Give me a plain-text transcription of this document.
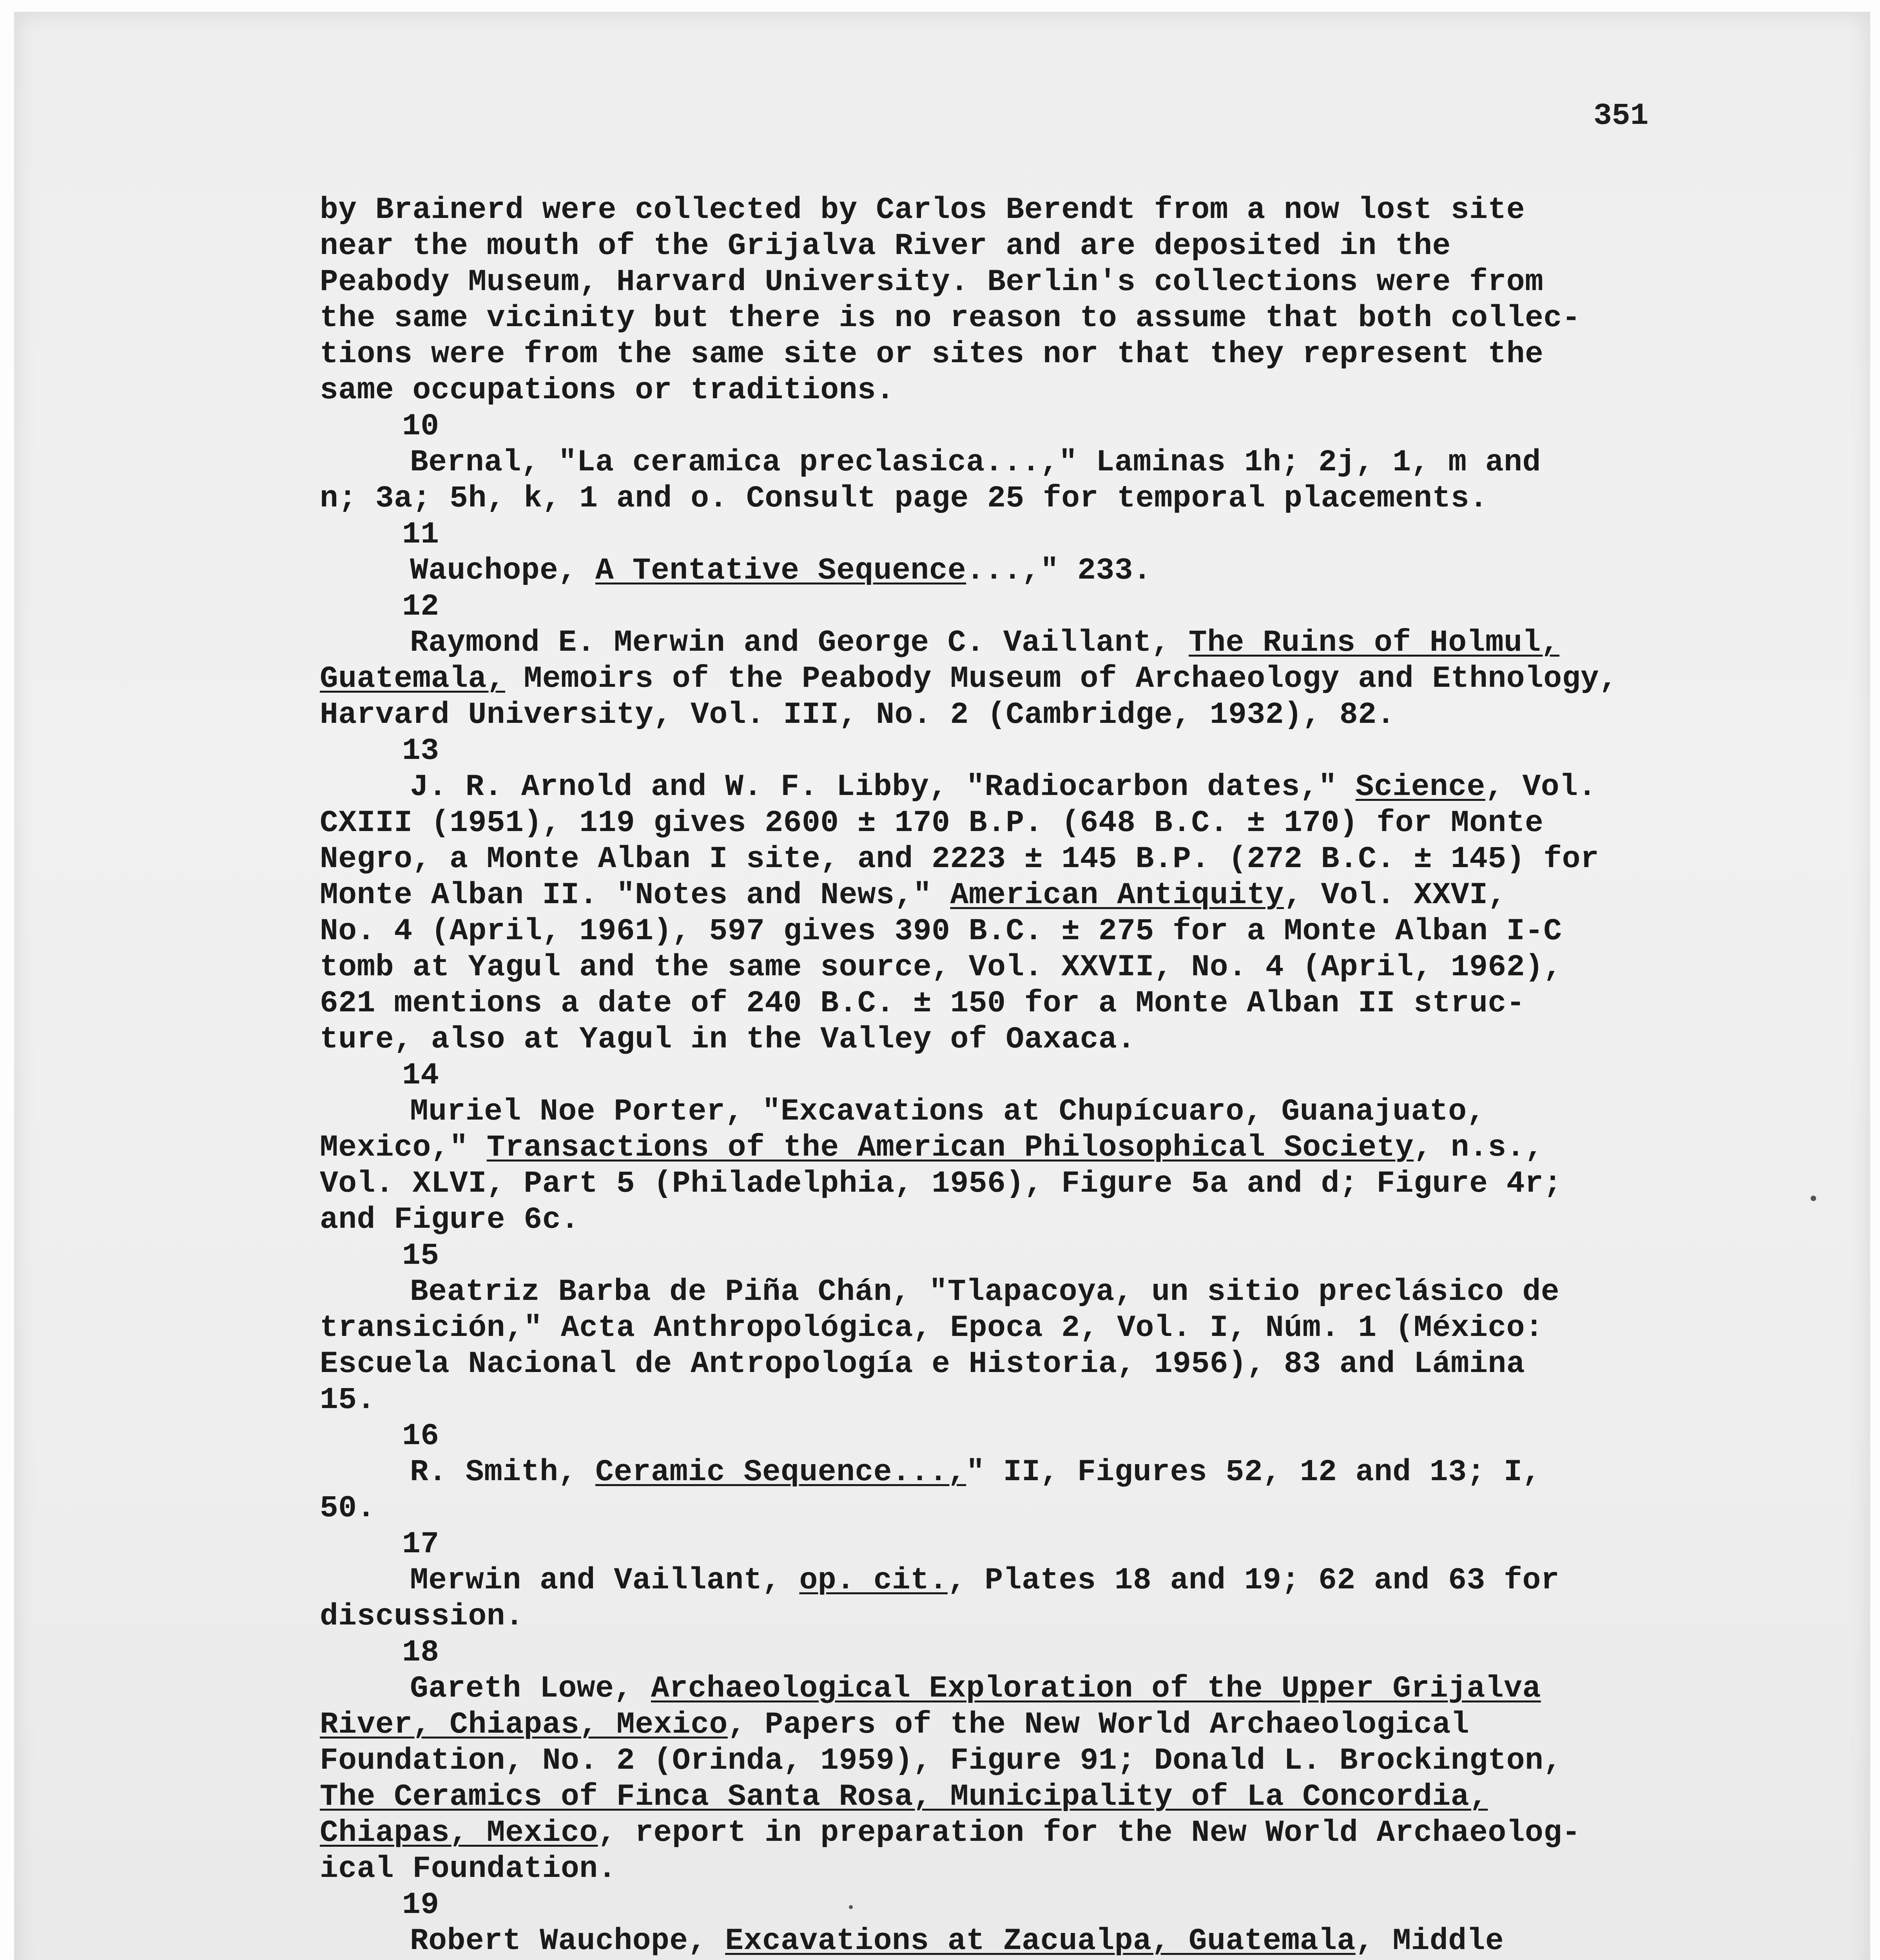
351
by Brainerd were collected by Carlos Berendt from a now lost site
near the mouth of the Grijalva River and are deposited in the
Peabody Museum, Harvard University. Berlin's collections were from
the same vicinity but there is no reason to assume that both collec-
tions were from the same site or sites nor that they represent the
same occupations or traditions.
10
Bernal, "La ceramica preclasica...," Laminas 1h; 2j, 1, m and
n; 3a; 5h, k, 1 and o. Consult page 25 for temporal placements.
11
Wauchope, A Tentative Sequence...," 233.
12
Raymond E. Merwin and George C. Vaillant, The Ruins of Holmul,
Guatemala, Memoirs of the Peabody Museum of Archaeology and Ethnology,
Harvard University, Vol. III, No. 2 (Cambridge, 1932), 82.
13
J. R. Arnold and W. F. Libby, "Radiocarbon dates," Science, Vol.
CXIII (1951), 119 gives 2600 ± 170 B.P. (648 B.C. ± 170) for Monte
Negro, a Monte Alban I site, and 2223 ± 145 B.P. (272 B.C. ± 145) for
Monte Alban II. "Notes and News," American Antiquity, Vol. XXVI,
No. 4 (April, 1961), 597 gives 390 B.C. ± 275 for a Monte Alban I-C
tomb at Yagul and the same source, Vol. XXVII, No. 4 (April, 1962),
621 mentions a date of 240 B.C. ± 150 for a Monte Alban II struc-
ture, also at Yagul in the Valley of Oaxaca.
14
Muriel Noe Porter, "Excavations at Chupícuaro, Guanajuato,
Mexico," Transactions of the American Philosophical Society, n.s.,
Vol. XLVI, Part 5 (Philadelphia, 1956), Figure 5a and d; Figure 4r;
and Figure 6c.
15
Beatriz Barba de Piña Chán, "Tlapacoya, un sitio preclásico de
transición," Acta Anthropológica, Epoca 2, Vol. I, Núm. 1 (México:
Escuela Nacional de Antropología e Historia, 1956), 83 and Lámina
15.
16
R. Smith, Ceramic Sequence...," II, Figures 52, 12 and 13; I,
50.
17
Merwin and Vaillant, op. cit., Plates 18 and 19; 62 and 63 for
discussion.
18
Gareth Lowe, Archaeological Exploration of the Upper Grijalva
River, Chiapas, Mexico, Papers of the New World Archaeological
Foundation, No. 2 (Orinda, 1959), Figure 91; Donald L. Brockington,
The Ceramics of Finca Santa Rosa, Municipality of La Concordia,
Chiapas, Mexico, report in preparation for the New World Archaeolog-
ical Foundation.
19
Robert Wauchope, Excavations at Zacualpa, Guatemala, Middle
